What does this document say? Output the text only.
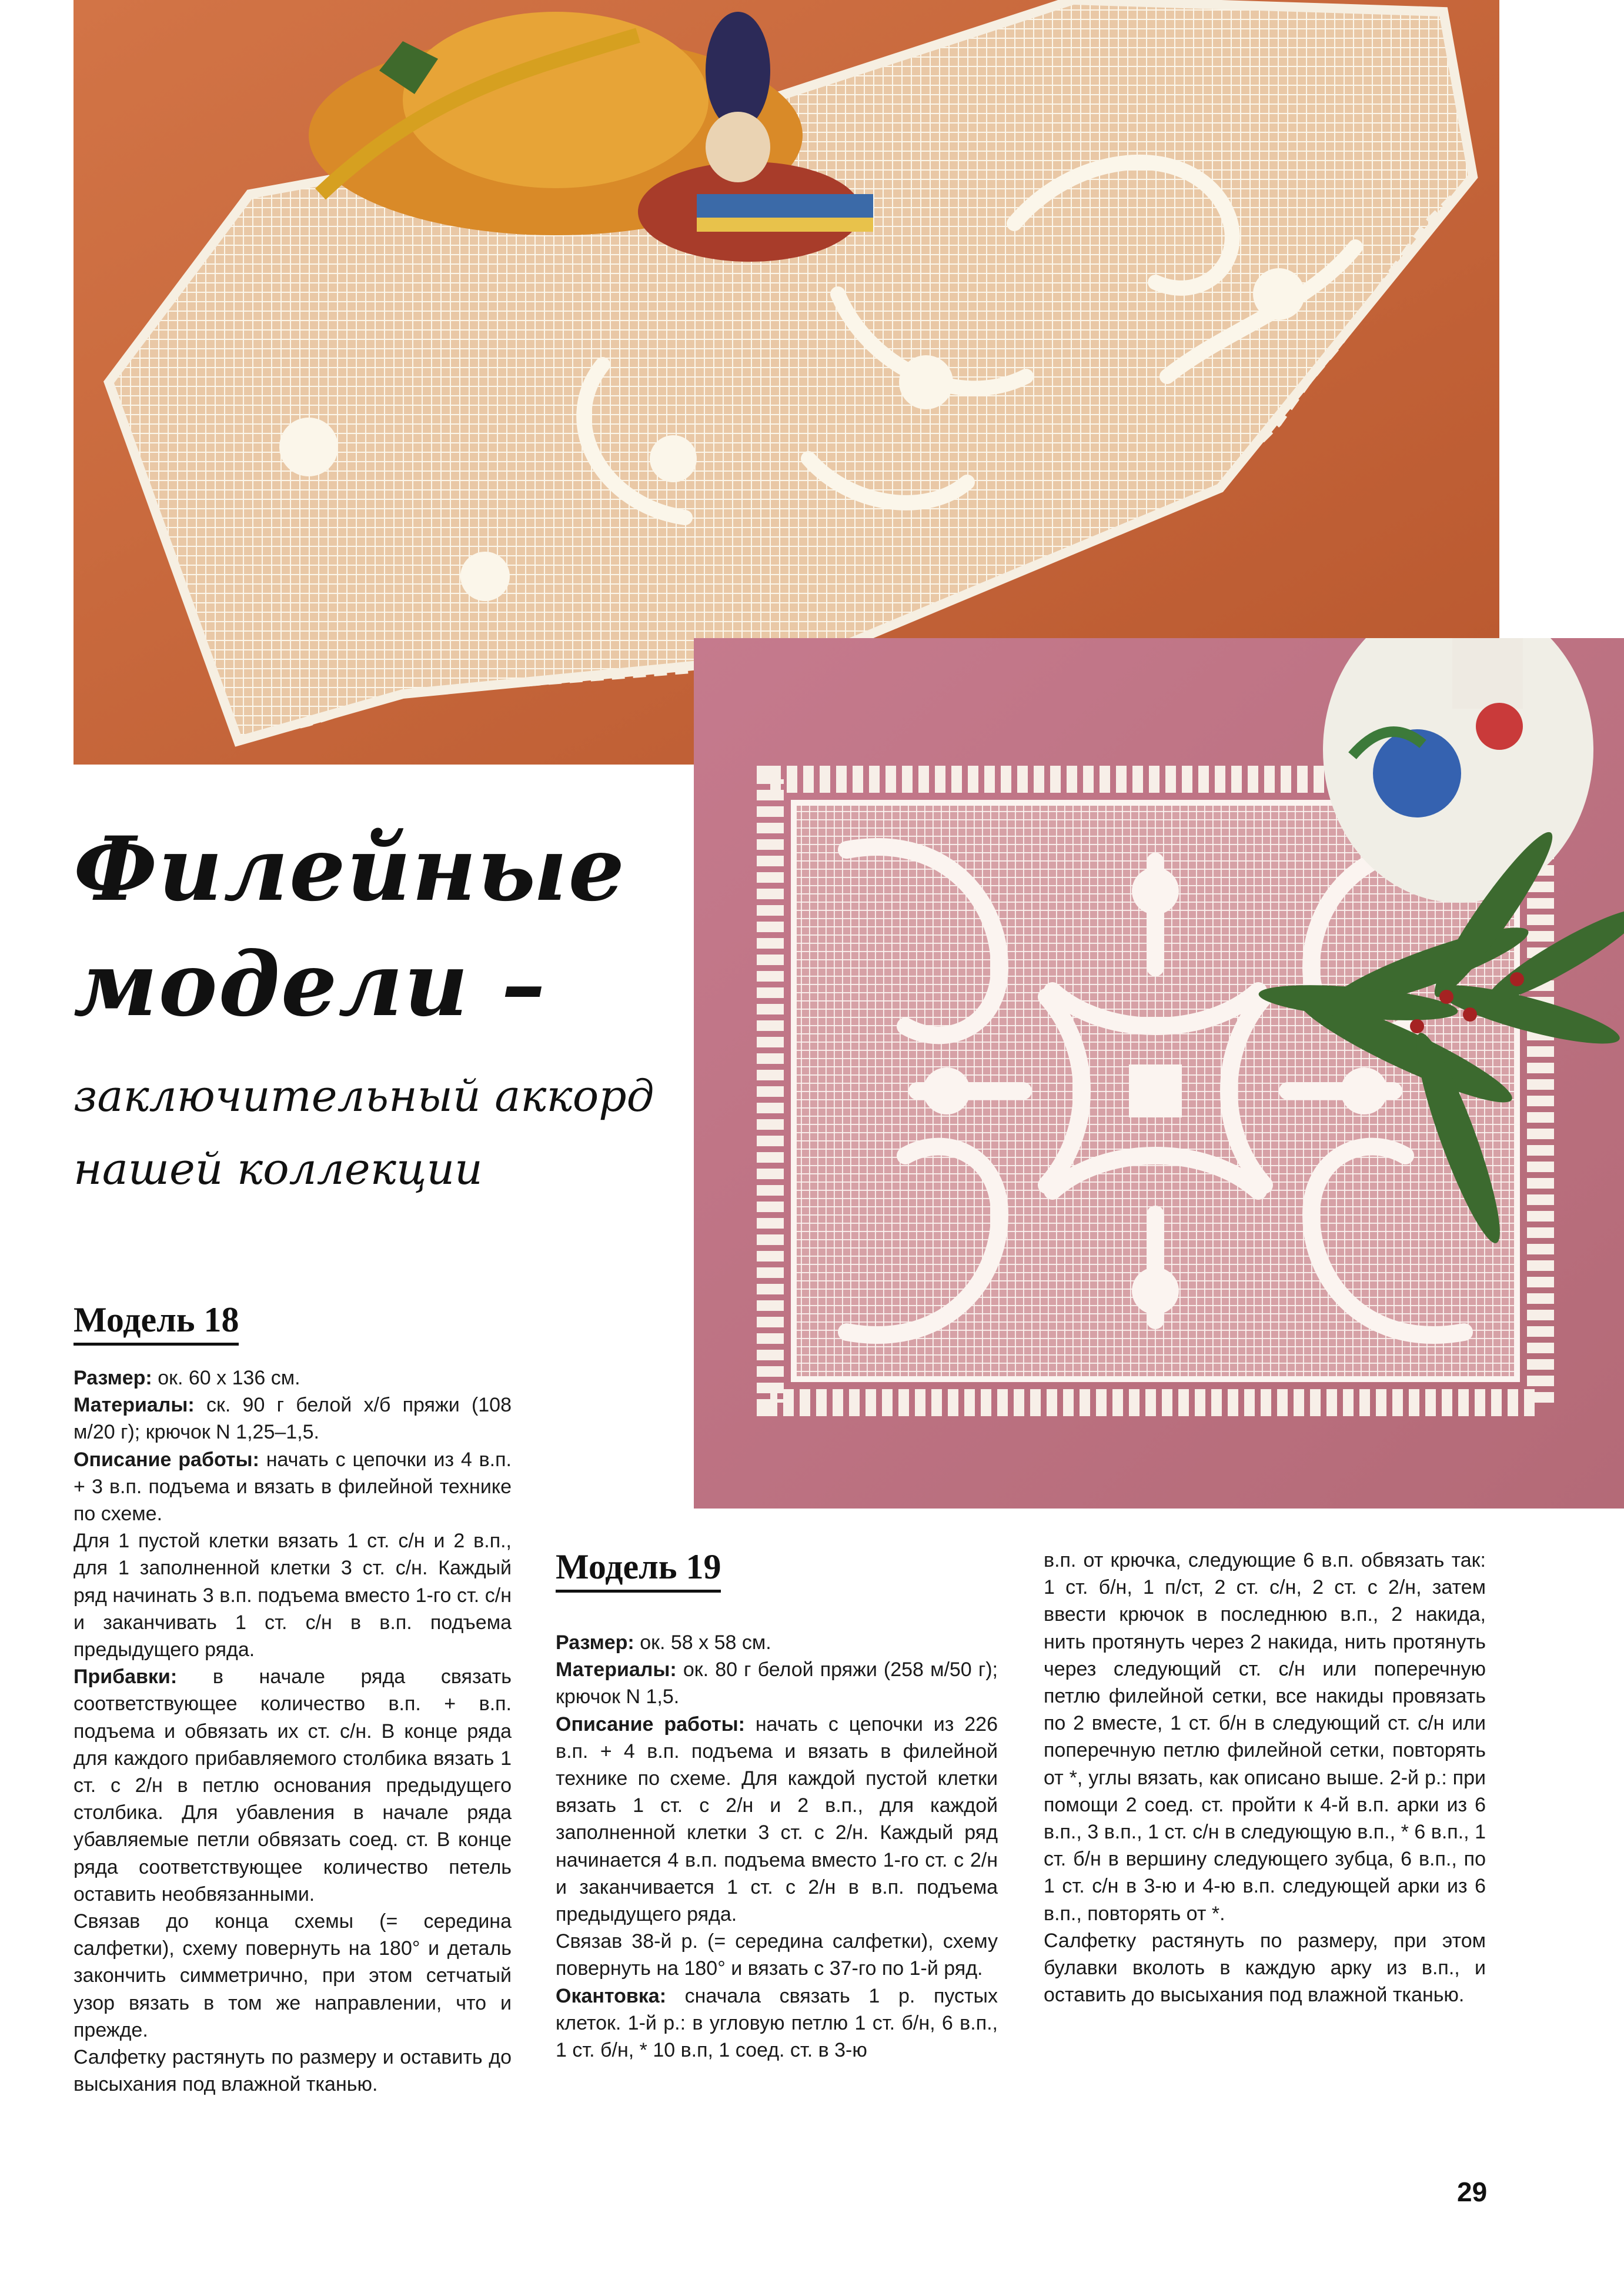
Филейные
модели –

заключительный аккорд
нашей коллекции

Модель 18

Размер: ок. 60 х 136 см.

Материалы: ск. 90 г белой х/б пряжи (108 м/20 г); крючок N 1,25–1,5.

Описание работы: начать с цепочки из 4 в.п. + 3 в.п. подъема и вязать в филейной технике по схеме.

Для 1 пустой клетки вязать 1 ст. с/н и 2 в.п., для 1 заполненной клетки 3 ст. с/н. Каждый ряд начинать 3 в.п. подъема вместо 1-го ст. с/н и заканчивать 1 ст. с/н в в.п. подъема предыдущего ряда.

Прибавки: в начале ряда связать соответствующее количество в.п. + в.п. подъема и обвязать их ст. с/н. В конце ряда для каждого прибавляемого столбика вязать 1 ст. с 2/н в петлю основания предыдущего столбика. Для убавления в начале ряда убавляемые петли обвязать соед. ст. В конце ряда соответствующее количество петель оставить необвязанными.

Связав до конца схемы (= середина салфетки), схему повернуть на 180° и деталь закончить симметрично, при этом сетчатый узор вязать в том же направлении, что и прежде.

Салфетку растянуть по размеру и оставить до высыхания под влажной тканью.

Модель 19

Размер: ок. 58 х 58 см.

Материалы: ок. 80 г белой пряжи (258 м/50 г); крючок N 1,5.

Описание работы: начать с цепочки из 226 в.п. + 4 в.п. подъема и вязать в филейной технике по схеме. Для каждой пустой клетки вязать 1 ст. с 2/н и 2 в.п., для каждой заполненной клетки 3 ст. с 2/н. Каждый ряд начинается 4 в.п. подъема вместо 1-го ст. с 2/н и заканчивается 1 ст. с 2/н в в.п. подъема предыдущего ряда.

Связав 38-й р. (= середина салфетки), схему повернуть на 180° и вязать с 37-го по 1-й ряд.

Окантовка: сначала связать 1 р. пустых клеток. 1-й р.: в угловую петлю 1 ст. б/н, 6 в.п., 1 ст. б/н, * 10 в.п, 1 соед. ст. в 3-ю

в.п. от крючка, следующие 6 в.п. обвязать так: 1 ст. б/н, 1 п/ст, 2 ст. с/н, 2 ст. с 2/н, затем ввести крючок в последнюю в.п., 2 накида, нить протянуть через 2 накида, нить протянуть через следующий ст. с/н или поперечную петлю филейной сетки, все накиды провязать по 2 вместе, 1 ст. б/н в следующий ст. с/н или поперечную петлю филейной сетки, повторять от *, углы вязать, как описано выше. 2-й р.: при помощи 2 соед. ст. пройти к 4-й в.п. арки из 6 в.п., 3 в.п., 1 ст. с/н в следующую в.п., * 6 в.п., 1 ст. б/н в вершину следующего зубца, 6 в.п., по 1 ст. с/н в 3-ю и 4-ю в.п. следующей арки из 6 в.п., повторять от *.

Салфетку растянуть по размеру, при этом булавки вколоть в каждую арку из в.п., и оставить до высыхания под влажной тканью.

29
